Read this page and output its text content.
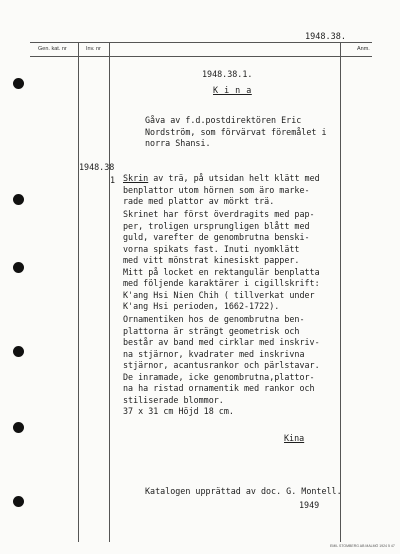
1948.38.
Gen. kat. nr	Inv. nr	Anm.
1948.38.1.
K i n a
Gåva av f.d.postdirektören Eric
Nordström, som förvärvat föremålet i
norra Shansi.
1948.38
1 Skrin av trä, på utsidan helt klätt med
benplattor utom hörnen som äro marke-
rade med plattor av mörkt trä.
Skrinet har först överdragits med pap-
per, troligen ursprungligen blått med
guld, varefter de genombrutna benski-
vorna spikats fast. Inuti nyomklätt
med vitt mönstrat kinesiskt papper.
Mitt på locket en rektangulär benplatta
med följende karaktärer i cigillskrift:
K'ang Hsi Nien Chih ( tillverkat under
K'ang Hsi perioden, 1662-1722).
Ornamentiken hos de genombrutna ben-
plattorna är strängt geometrisk och
består av band med cirklar med inskriv-
na stjärnor, kvadrater med inskrivna
stjärnor, acantusrankor och pärlstavar.
De inramade, icke genombrutna,plattor-
na ha ristad ornamentik med rankor och
stiliserade blommor.
37 x 31 cm Höjd 18 cm.
Kina
Katalogen upprättad av doc. G. Montell.
1949
EMIL STOMBERG AB MALMÖ 1924 5 47
